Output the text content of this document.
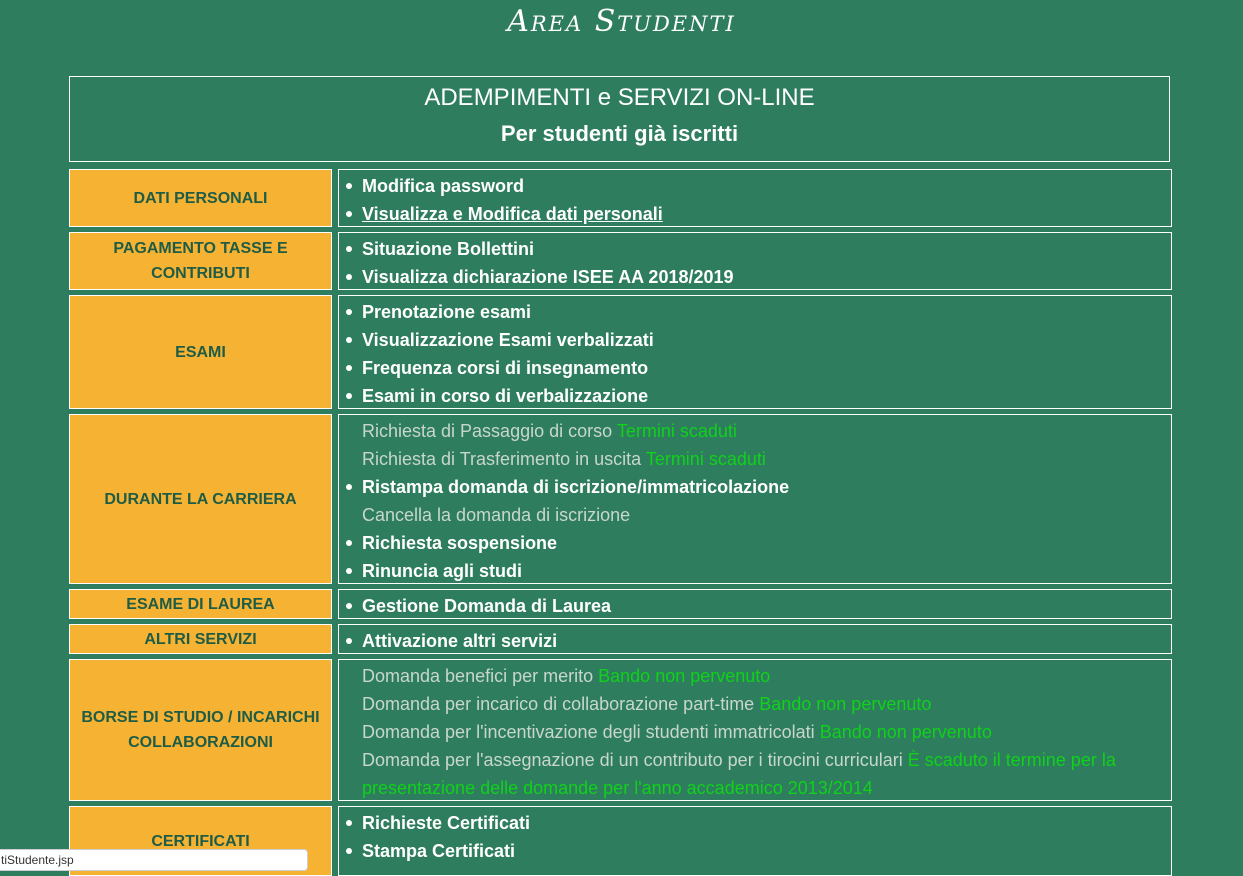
Area Studenti
ADEMPIMENTI e SERVIZI ON-LINE
Per studenti già iscritti
DATI PERSONALI
Modifica password
Visualizza e Modifica dati personali
PAGAMENTO TASSE E CONTRIBUTI
Situazione Bollettini
Visualizza dichiarazione ISEE AA 2018/2019
ESAMI
Prenotazione esami
Visualizzazione Esami verbalizzati
Frequenza corsi di insegnamento
Esami in corso di verbalizzazione
DURANTE LA CARRIERA
Richiesta di Passaggio di corso Termini scaduti
Richiesta di Trasferimento in uscita Termini scaduti
Ristampa domanda di iscrizione/immatricolazione
Cancella la domanda di iscrizione
Richiesta sospensione
Rinuncia agli studi
ESAME DI LAUREA	Gestione Domanda di Laurea
ALTRI SERVIZI	Attivazione altri servizi
BORSE DI STUDIO / INCARICHI COLLABORAZIONI
Domanda benefici per merito Bando non pervenuto
Domanda per incarico di collaborazione part-time Bando non pervenuto
Domanda per l'incentivazione degli studenti immatricolati Bando non pervenuto
Domanda per l'assegnazione di un contributo per i tirocini curriculari È scaduto il termine per la presentazione delle domande per l'anno accademico 2013/2014
CERTIFICATI
Richieste Certificati
Stampa Certificati
tiStudente.jsp
